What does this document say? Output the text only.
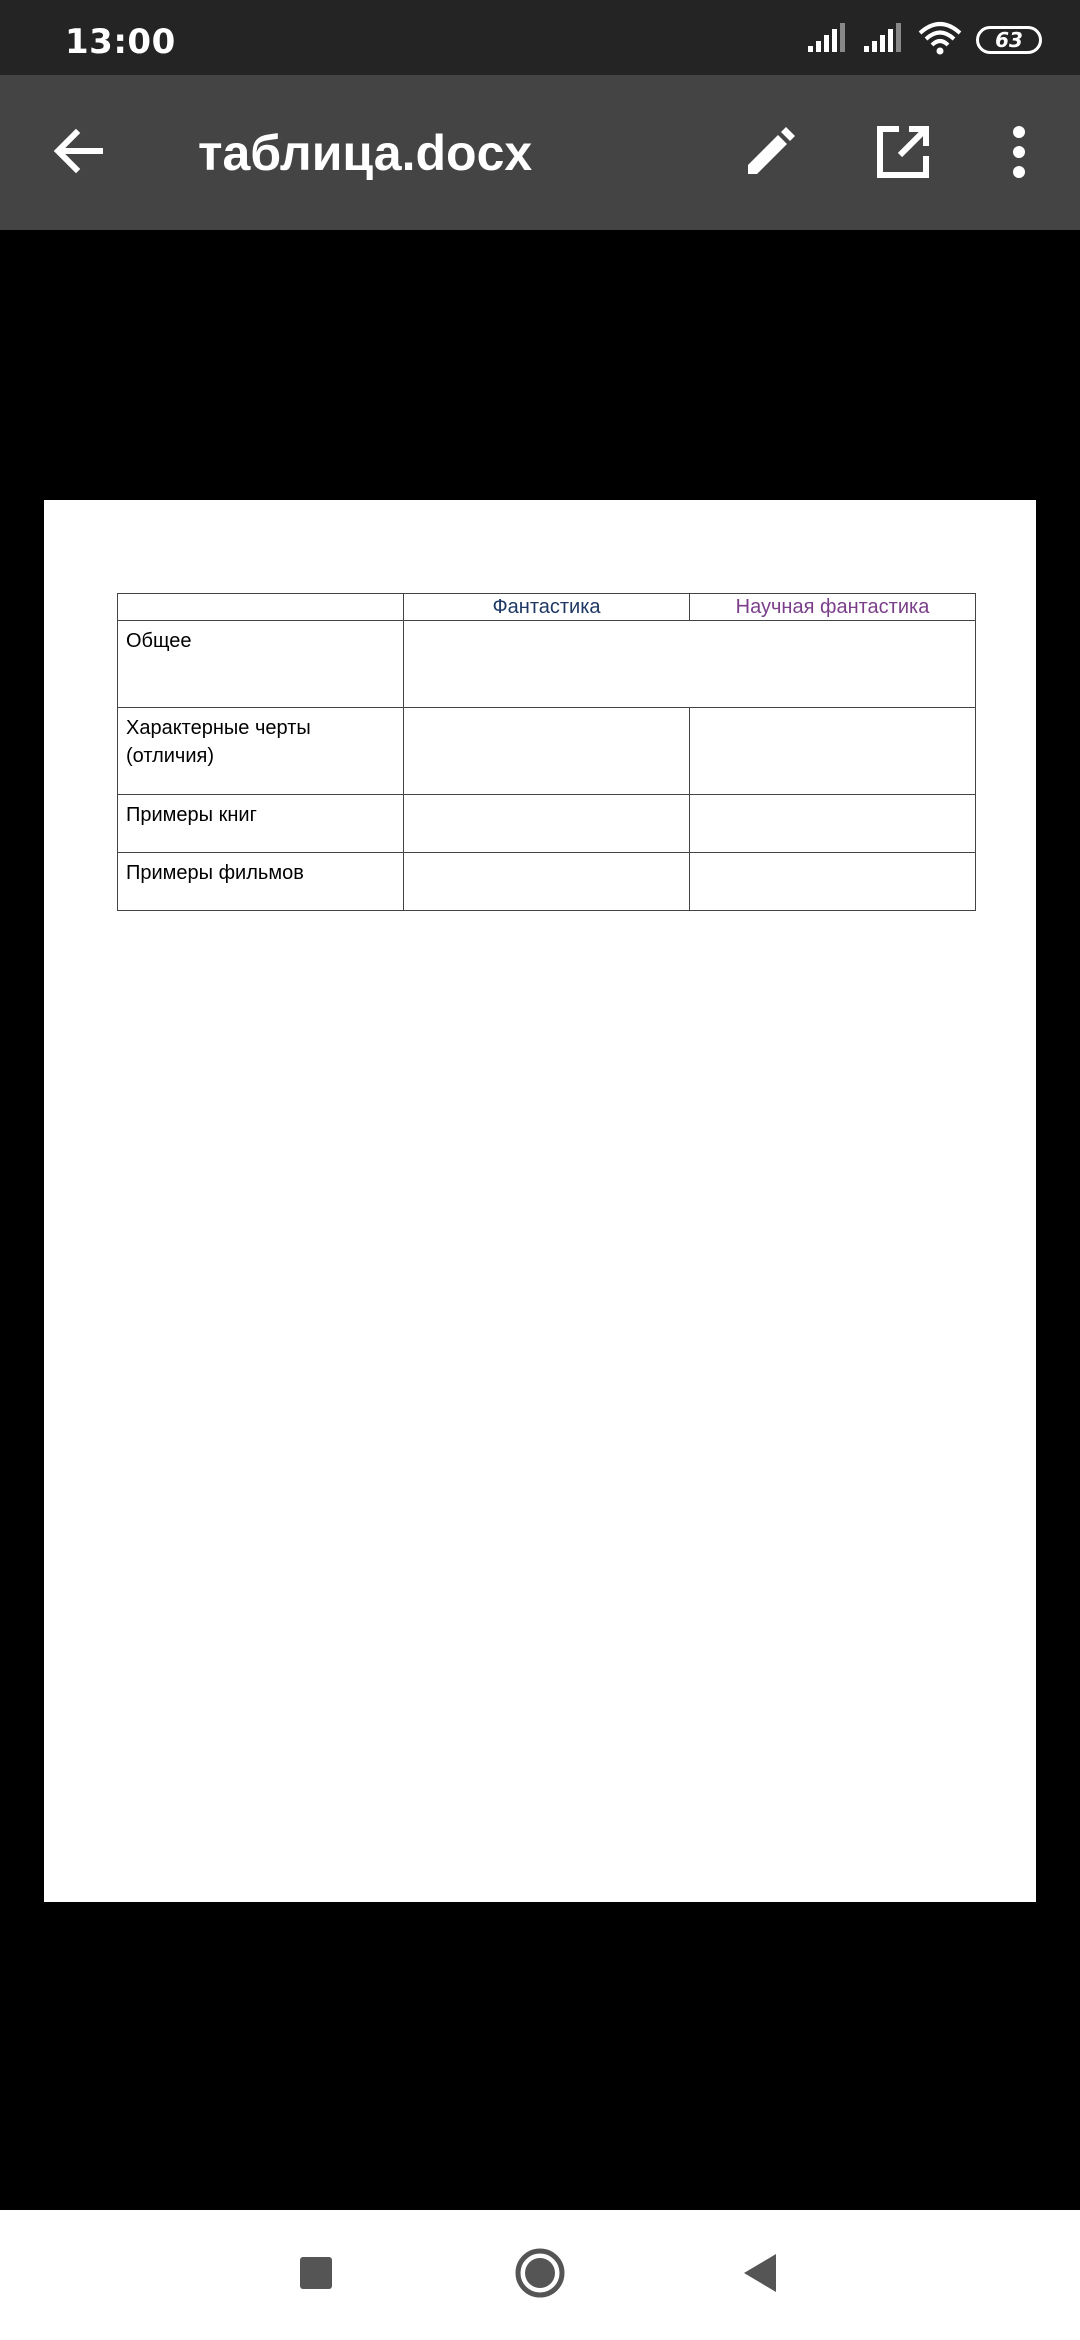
13:00	63
таблица.docx
	Фантастика	Научная фантастика
Общее		
Характерные черты (отличия)		
Примеры книг		
Примеры фильмов		
